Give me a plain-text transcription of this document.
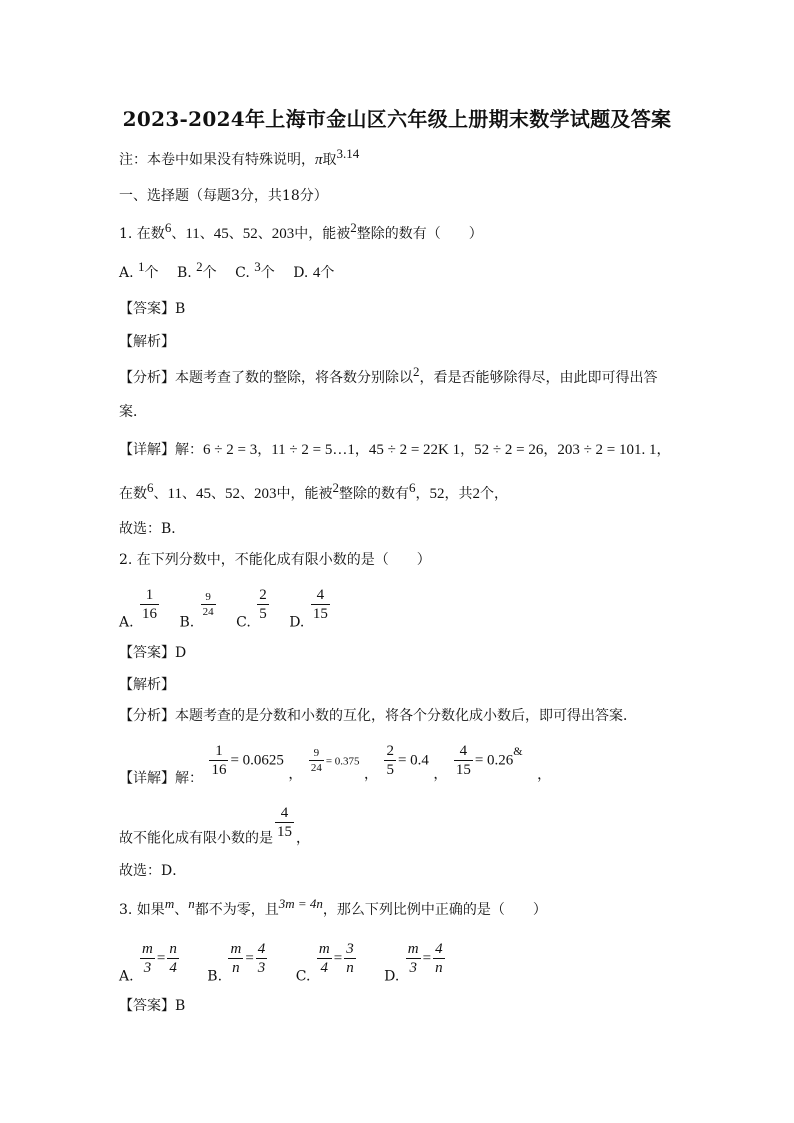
2023-2024年上海市金山区六年级上册期末数学试题及答案
注：本卷中如果没有特殊说明，π取3.14
一、选择题（每题3分，共18分）
1. 在数6、11、45、52、203中，能被2整除的数有（　　）
A. 1个 B. 2个 C. 3个 D. 4个
【答案】B
【解析】
【分析】本题考查了数的整除，将各数分别除以2，看是否能够除得尽，由此即可得出答
案．
【详解】解：6 ÷ 2 = 3，11 ÷ 2 = 5…1，45 ÷ 2 = 22K 1，52 ÷ 2 = 26，203 ÷ 2 = 101. 1，
在数6、11、45、52、203中，能被2整除的数有6，52，共2个，
故选：B．
2. 在下列分数中，不能化成有限小数的是（　　）
A. $\frac{1}{16} B$.
$\frac{9}{24}$
C. $\frac{2}{5} D$. $\frac{4}{15}$
【答案】D
【解析】
【分析】本题考查的是分数和小数的互化，将各个分数化成小数后，即可得出答案．
【详解】解： $\frac{1}{16} = 0.0625$ ， $\frac{9}{24} = 0.375$ ， $\frac{2}{5} = 0.4$ ， $\frac{4}{15}$ = 0.26& ，
故不能化成有限小数的是 $\frac{4}{15}$ ，
故选：D．
3. 如果m、n都不为零，且3m = 4n，那么下列比例中正确的是（　　）
A. $\frac{m}{3} = \frac{n}{4} B$. $\frac{m}{n} = \frac{4}{3} C$. $\frac{m}{4} = \frac{3}{n} D$. $\frac{m}{3} = \frac{4}{n}$
【答案】B
